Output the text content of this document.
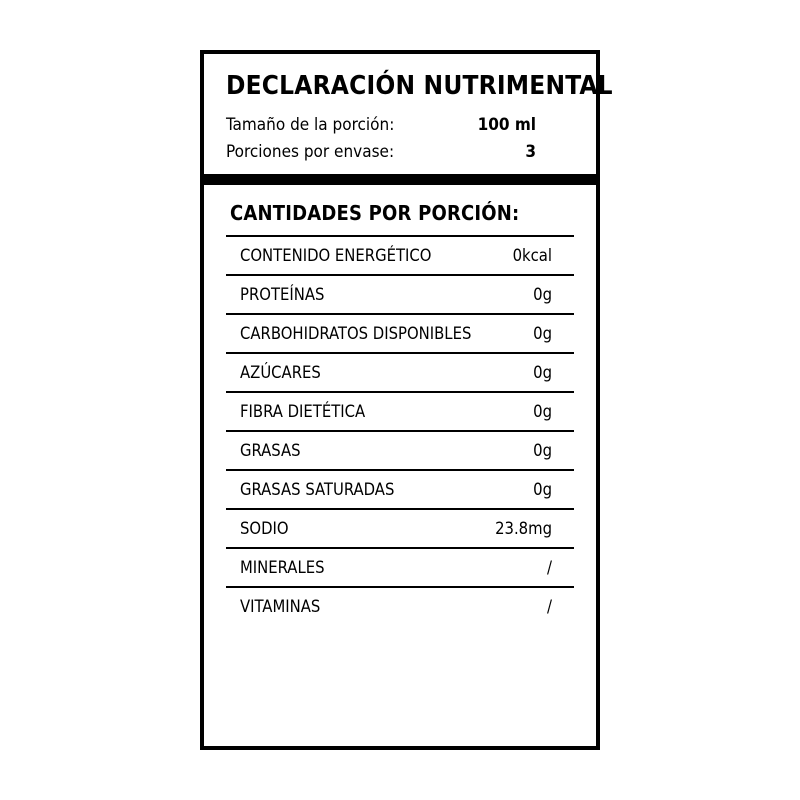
DECLARACIÓN NUTRIMENTAL
Tamaño de la porción:	100 ml
Porciones por envase:	3
CANTIDADES POR PORCIÓN:
CONTENIDO ENERGÉTICO	0kcal
PROTEÍNAS	0g
CARBOHIDRATOS DISPONIBLES	0g
AZÚCARES	0g
FIBRA DIETÉTICA	0g
GRASAS	0g
GRASAS SATURADAS	0g
SODIO	23.8mg
MINERALES	/
VITAMINAS	/
